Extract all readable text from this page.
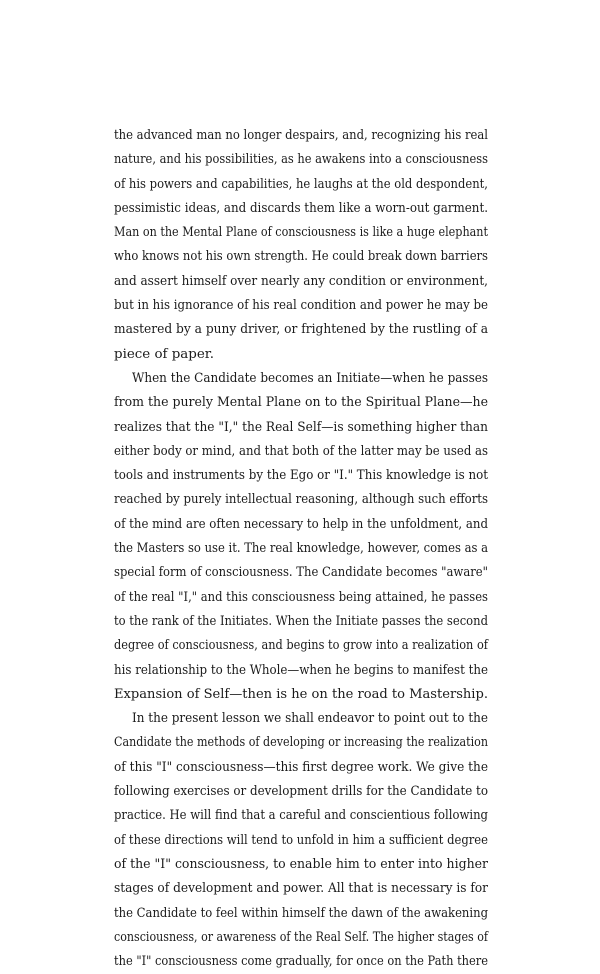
the advanced man no longer despairs, and, recognizing his real
nature, and his possibilities, as he awakens into a consciousness
of his powers and capabilities, he laughs at the old despondent,
pessimistic ideas, and discards them like a worn-out garment.
Man on the Mental Plane of consciousness is like a huge elephant
who knows not his own strength. He could break down barriers
and assert himself over nearly any condition or environment,
but in his ignorance of his real condition and power he may be
mastered by a puny driver, or frightened by the rustling of a
piece of paper.
When the Candidate becomes an Initiate—when he passes
from the purely Mental Plane on to the Spiritual Plane—he
realizes that the "I," the Real Self—is something higher than
either body or mind, and that both of the latter may be used as
tools and instruments by the Ego or "I." This knowledge is not
reached by purely intellectual reasoning, although such efforts
of the mind are often necessary to help in the unfoldment, and
the Masters so use it. The real knowledge, however, comes as a
special form of consciousness. The Candidate becomes "aware"
of the real "I," and this consciousness being attained, he passes
to the rank of the Initiates. When the Initiate passes the second
degree of consciousness, and begins to grow into a realization of
his relationship to the Whole—when he begins to manifest the
Expansion of Self—then is he on the road to Mastership.
In the present lesson we shall endeavor to point out to the
Candidate the methods of developing or increasing the realization
of this "I" consciousness—this first degree work. We give the
following exercises or development drills for the Candidate to
practice. He will find that a careful and conscientious following
of these directions will tend to unfold in him a sufficient degree
of the "I" consciousness, to enable him to enter into higher
stages of development and power. All that is necessary is for
the Candidate to feel within himself the dawn of the awakening
consciousness, or awareness of the Real Self. The higher stages of
the "I" consciousness come gradually, for once on the Path there
